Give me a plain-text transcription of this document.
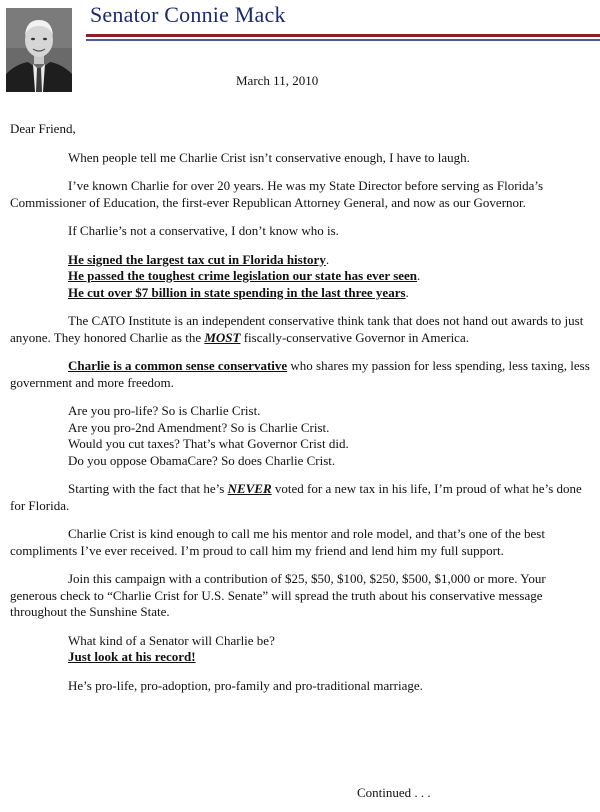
Senator Connie Mack
March 11, 2010

Dear Friend,

When people tell me Charlie Crist isn’t conservative enough, I have to laugh.

I’ve known Charlie for over 20 years. He was my State Director before serving as Florida’s Commissioner of Education, the first-ever Republican Attorney General, and now as our Governor.

If Charlie’s not a conservative, I don’t know who is.

He signed the largest tax cut in Florida history.

He passed the toughest crime legislation our state has ever seen.

He cut over $7 billion in state spending in the last three years.

The CATO Institute is an independent conservative think tank that does not hand out awards to just anyone. They honored Charlie as the MOST fiscally-conservative Governor in America.

Charlie is a common sense conservative who shares my passion for less spending, less taxing, less government and more freedom.

Are you pro-life? So is Charlie Crist.

Are you pro-2nd Amendment? So is Charlie Crist.

Would you cut taxes? That’s what Governor Crist did.

Do you oppose ObamaCare? So does Charlie Crist.

Starting with the fact that he’s NEVER voted for a new tax in his life, I’m proud of what he’s done for Florida.

Charlie Crist is kind enough to call me his mentor and role model, and that’s one of the best compliments I’ve ever received. I’m proud to call him my friend and lend him my full support.

Join this campaign with a contribution of $25, $50, $100, $250, $500, $1,000 or more. Your generous check to “Charlie Crist for U.S. Senate” will spread the truth about his conservative message throughout the Sunshine State.

What kind of a Senator will Charlie be?

Just look at his record!

He’s pro-life, pro-adoption, pro-family and pro-traditional marriage.

Continued . . .
